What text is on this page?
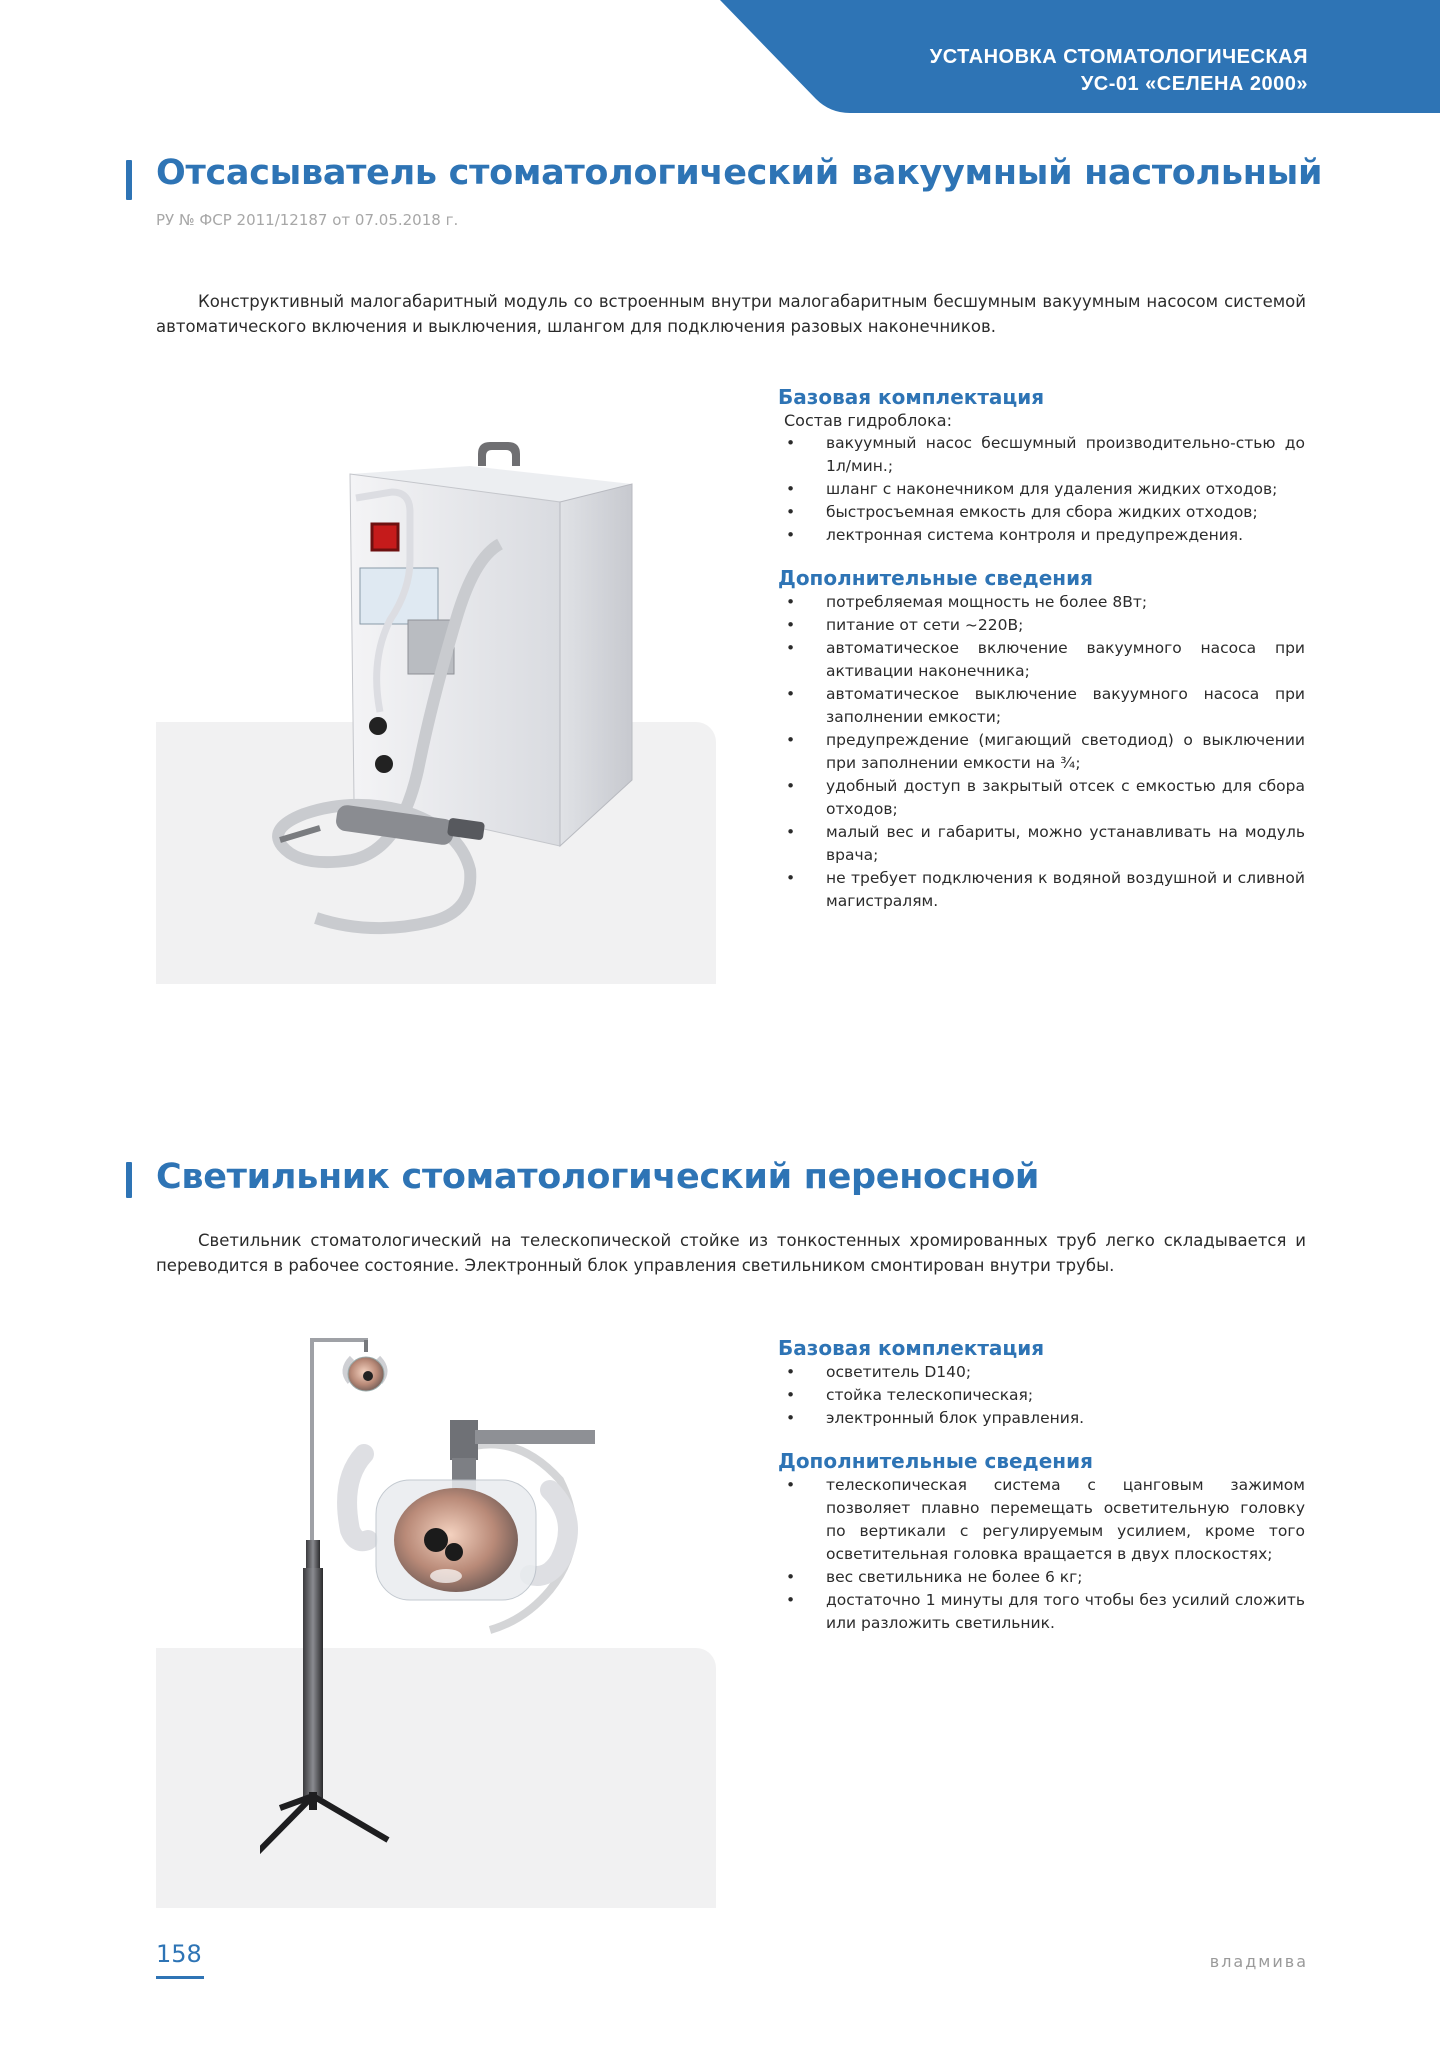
УСТАНОВКА СТОМАТОЛОГИЧЕСКАЯ
УС-01 «СЕЛЕНА 2000»
Отсасыватель стоматологический вакуумный настольный
РУ № ФСР 2011/12187 от 07.05.2018 г.
Конструктивный малогабаритный модуль со встроенным внутри малогабаритным бесшумным вакуумным насосом системой автоматического включения и выключения, шлангом для подключения разовых наконечников.
Базовая комплектация

Состав гидроблока:

• вакуумный насос бесшумный производительно-стью до 1л/мин.;
• шланг с наконечником для удаления жидких отходов;
• быстросъемная емкость для сбора жидких отходов;
• лектронная система контроля и предупреждения.
Дополнительные сведения
• потребляемая мощность не более 8Вт;
• питание от сети ~220В;
• автоматическое включение вакуумного насоса при активации наконечника;
• автоматическое выключение вакуумного насоса при заполнении емкости;
• предупреждение (мигающий светодиод) о выключении при заполнении емкости на ¾;
• удобный доступ в закрытый отсек с емкостью для сбора отходов;
• малый вес и габариты, можно устанавливать на модуль врача;
• не требует подключения к водяной воздушной и сливной магистралям.
Светильник стоматологический переносной
Светильник стоматологический на телескопической стойке из тонкостенных хромированных труб легко складывается и переводится в рабочее состояние. Электронный блок управления светильником смонтирован внутри трубы.
Базовая комплектация
• осветитель D140;
• стойка телескопическая;
• электронный блок управления.
Дополнительные сведения
• телескопическая система с цанговым зажимом позволяет плавно перемещать осветительную головку по вертикали с регулируемым усилием, кроме того осветительная головка вращается в двух плоскостях;
• вес светильника не более 6 кг;
• достаточно 1 минуты для того чтобы без усилий сложить или разложить светильник.
158	владмива
